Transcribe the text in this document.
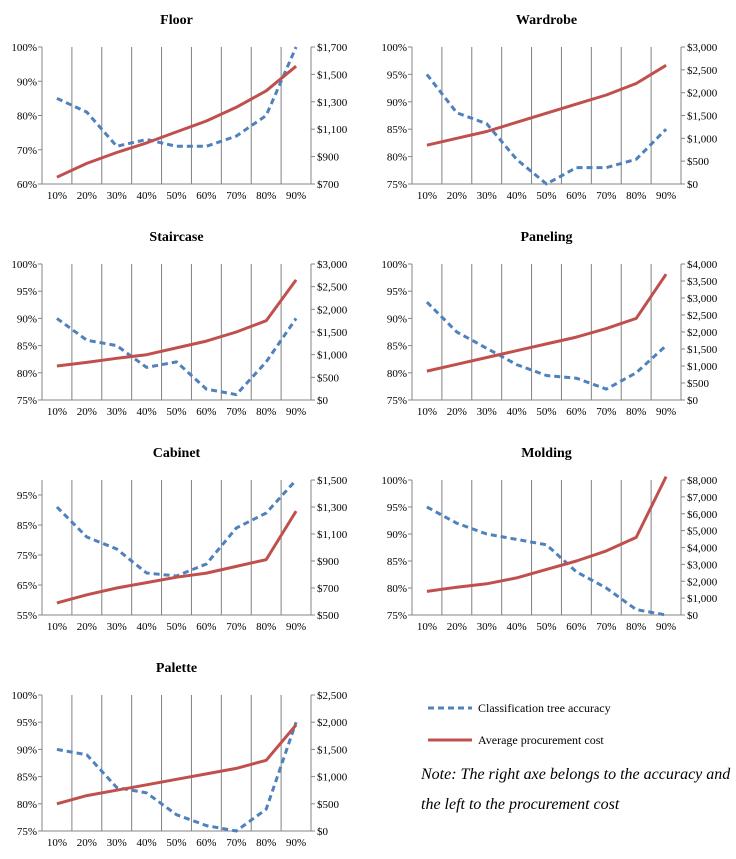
Floor
60%
70%
80%
90%
100%
$700
$900
$1,100
$1,300
$1,500
$1,700
10% 20% 30% 40% 50% 60% 70% 80% 90%
Wardrobe
75%
80%
85%
90%
95%
100%
$0
$500
$1,000
$1,500
$2,000
$2,500
$3,000
10% 20% 30% 40% 50% 60% 70% 80% 90%
Staircase
75%
80%
85%
90%
95%
100%
$0
$500
$1,000
$1,500
$2,000
$2,500
$3,000
10% 20% 30% 40% 50% 60% 70% 80% 90%
Paneling
75%
80%
85%
90%
95%
100%
$0
$500
$1,000
$1,500
$2,000
$2,500
$3,000
$3,500
$4,000
10% 20% 30% 40% 50% 60% 70% 80% 90%
Cabinet
55%
65%
75%
85%
95%
$500
$700
$900
$1,100
$1,300
$1,500
10% 20% 30% 40% 50% 60% 70% 80% 90%
Molding
75%
80%
85%
90%
95%
100%
$0
$1,000
$2,000
$3,000
$4,000
$5,000
$6,000
$7,000
$8,000
10% 20% 30% 40% 50% 60% 70% 80% 90%
Palette
75%
80%
85%
90%
95%
100%
$0
$500
$1,000
$1,500
$2,000
$2,500
10% 20% 30% 40% 50% 60% 70% 80% 90%
Classification tree accuracy
Average procurement cost

Note: The right axe belongs to the accuracy and the left to the procurement cost
